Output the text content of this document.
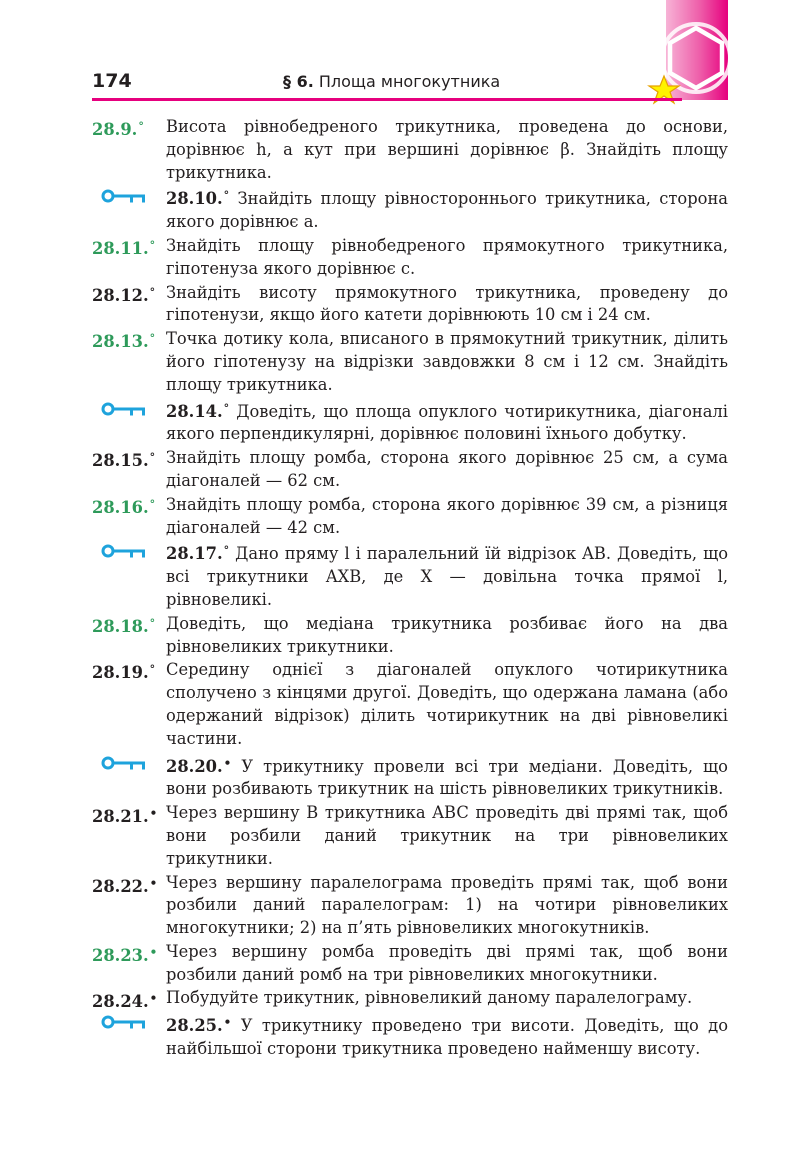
174	§ 6. Площа многокутника
28.9.° Висота рівнобедреного трикутника, проведена до основи, дорівнює h, а кут при вершині дорівнює β. Знайдіть площу трикутника.
28.10.° Знайдіть площу рівностороннього трикутника, сторона якого дорівнює a.
28.11.° Знайдіть площу рівнобедреного прямокутного трикутника, гіпотенуза якого дорівнює c.
28.12.° Знайдіть висоту прямокутного трикутника, проведену до гіпотенузи, якщо його катети дорівнюють 10 см і 24 см.
28.13.° Точка дотику кола, вписаного в прямокутний трикутник, ділить його гіпотенузу на відрізки завдовжки 8 см і 12 см. Знайдіть площу трикутника.
28.14.° Доведіть, що площа опуклого чотирикутника, діагоналі якого перпендикулярні, дорівнює половині їхнього добутку.
28.15.° Знайдіть площу ромба, сторона якого дорівнює 25 см, а сума діагоналей — 62 см.
28.16.° Знайдіть площу ромба, сторона якого дорівнює 39 см, а різниця діагоналей — 42 см.
28.17.° Дано пряму l і паралельний їй відрізок AB. Доведіть, що всі трикутники AXB, де X — довільна точка прямої l, рівновеликі.
28.18.° Доведіть, що медіана трикутника розбиває його на два рівновеликих трикутники.
28.19.° Середину однієї з діагоналей опуклого чотирикутника сполучено з кінцями другої. Доведіть, що одержана ламана (або одержаний відрізок) ділить чотирикутник на дві рівновеликі частини.
28.20.• У трикутнику провели всі три медіани. Доведіть, що вони розбивають трикутник на шість рівновеликих трикутників.
28.21.• Через вершину B трикутника ABC проведіть дві прямі так, щоб вони розбили даний трикутник на три рівновеликих трикутники.
28.22.• Через вершину паралелограма проведіть прямі так, щоб вони розбили даний паралелограм: 1) на чотири рівновеликих многокутники; 2) на п’ять рівновеликих многокутників.
28.23.• Через вершину ромба проведіть дві прямі так, щоб вони розбили даний ромб на три рівновеликих многокутники.
28.24.• Побудуйте трикутник, рівновеликий даному паралелограму.
28.25.• У трикутнику проведено три висоти. Доведіть, що до найбільшої сторони трикутника проведено найменшу висоту.
